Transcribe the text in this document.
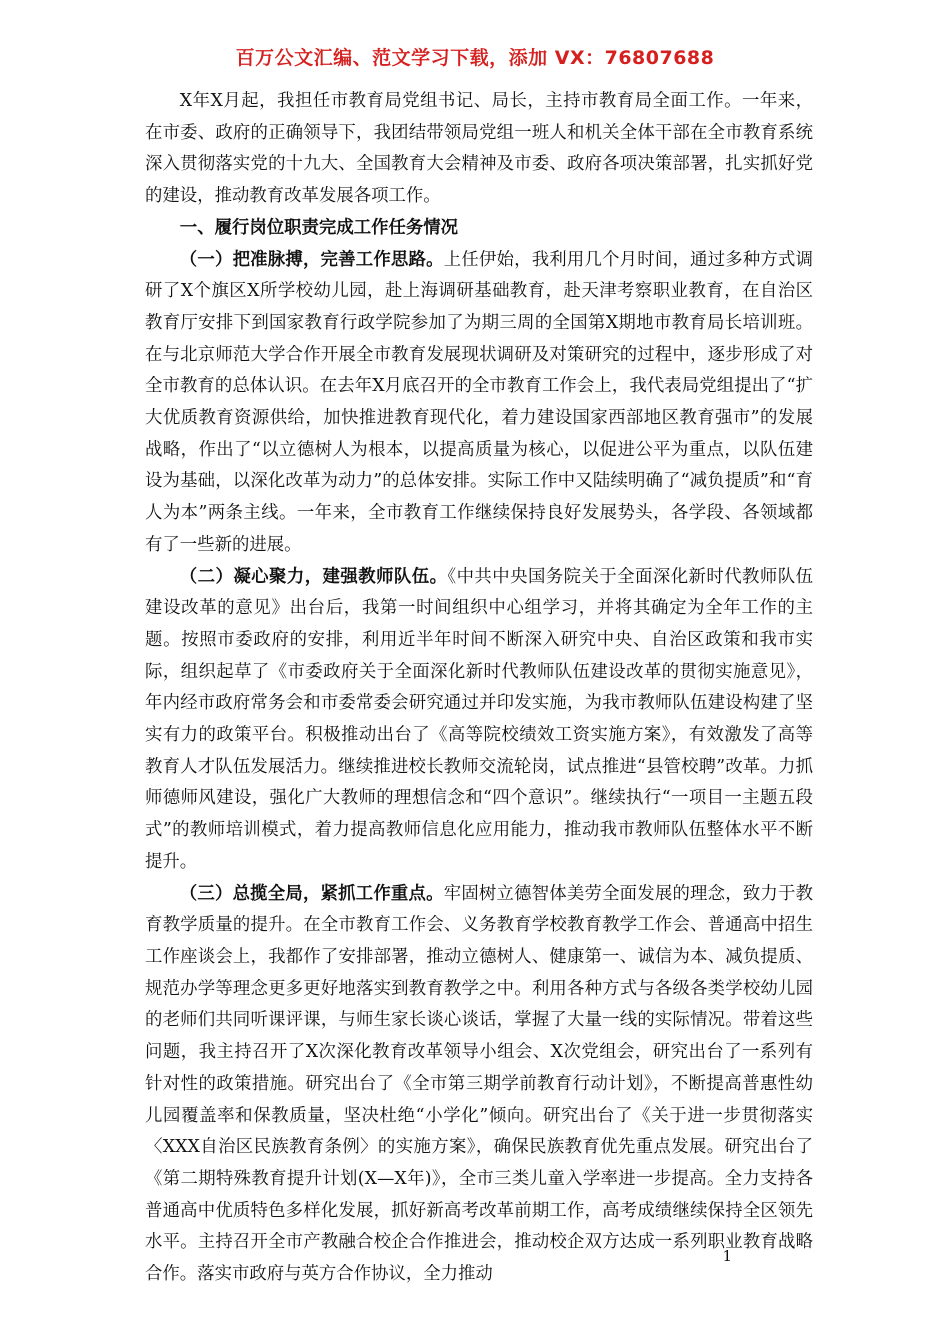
百万公文汇编、范文学习下载，添加 VX：76807688

X年X月起，我担任市教育局党组书记、局长，主持市教育局全面工作。一年来，在市委、政府的正确领导下，我团结带领局党组一班人和机关全体干部在全市教育系统深入贯彻落实党的十九大、全国教育大会精神及市委、政府各项决策部署，扎实抓好党的建设，推动教育改革发展各项工作。

一、履行岗位职责完成工作任务情况

（一）把准脉搏，完善工作思路。上任伊始，我利用几个月时间，通过多种方式调研了X个旗区X所学校幼儿园，赴上海调研基础教育，赴天津考察职业教育，在自治区教育厅安排下到国家教育行政学院参加了为期三周的全国第X期地市教育局长培训班。在与北京师范大学合作开展全市教育发展现状调研及对策研究的过程中，逐步形成了对全市教育的总体认识。在去年X月底召开的全市教育工作会上，我代表局党组提出了“扩大优质教育资源供给，加快推进教育现代化，着力建设国家西部地区教育强市”的发展战略，作出了“以立德树人为根本，以提高质量为核心，以促进公平为重点，以队伍建设为基础，以深化改革为动力”的总体安排。实际工作中又陆续明确了“减负提质”和“育人为本”两条主线。一年来，全市教育工作继续保持良好发展势头，各学段、各领域都有了一些新的进展。

（二）凝心聚力，建强教师队伍。《中共中央国务院关于全面深化新时代教师队伍建设改革的意见》出台后，我第一时间组织中心组学习，并将其确定为全年工作的主题。按照市委政府的安排，利用近半年时间不断深入研究中央、自治区政策和我市实际，组织起草了《市委政府关于全面深化新时代教师队伍建设改革的贯彻实施意见》，年内经市政府常务会和市委常委会研究通过并印发实施，为我市教师队伍建设构建了坚实有力的政策平台。积极推动出台了《高等院校绩效工资实施方案》，有效激发了高等教育人才队伍发展活力。继续推进校长教师交流轮岗，试点推进“县管校聘”改革。力抓师德师风建设，强化广大教师的理想信念和“四个意识”。继续执行“一项目一主题五段式”的教师培训模式，着力提高教师信息化应用能力，推动我市教师队伍整体水平不断提升。

（三）总揽全局，紧抓工作重点。牢固树立德智体美劳全面发展的理念，致力于教育教学质量的提升。在全市教育工作会、义务教育学校教育教学工作会、普通高中招生工作座谈会上，我都作了安排部署，推动立德树人、健康第一、诚信为本、减负提质、规范办学等理念更多更好地落实到教育教学之中。利用各种方式与各级各类学校幼儿园的老师们共同听课评课，与师生家长谈心谈话，掌握了大量一线的实际情况。带着这些问题，我主持召开了X次深化教育改革领导小组会、X次党组会，研究出台了一系列有针对性的政策措施。研究出台了《全市第三期学前教育行动计划》，不断提高普惠性幼儿园覆盖率和保教质量，坚决杜绝“小学化”倾向。研究出台了《关于进一步贯彻落实〈XXX自治区民族教育条例〉的实施方案》，确保民族教育优先重点发展。研究出台了《第二期特殊教育提升计划(X—X年)》，全市三类儿童入学率进一步提高。全力支持各普通高中优质特色多样化发展，抓好新高考改革前期工作，高考成绩继续保持全区领先水平。主持召开全市产教融合校企合作推进会，推动校企双方达成一系列职业教育战略合作。落实市政府与英方合作协议，全力推动

1
